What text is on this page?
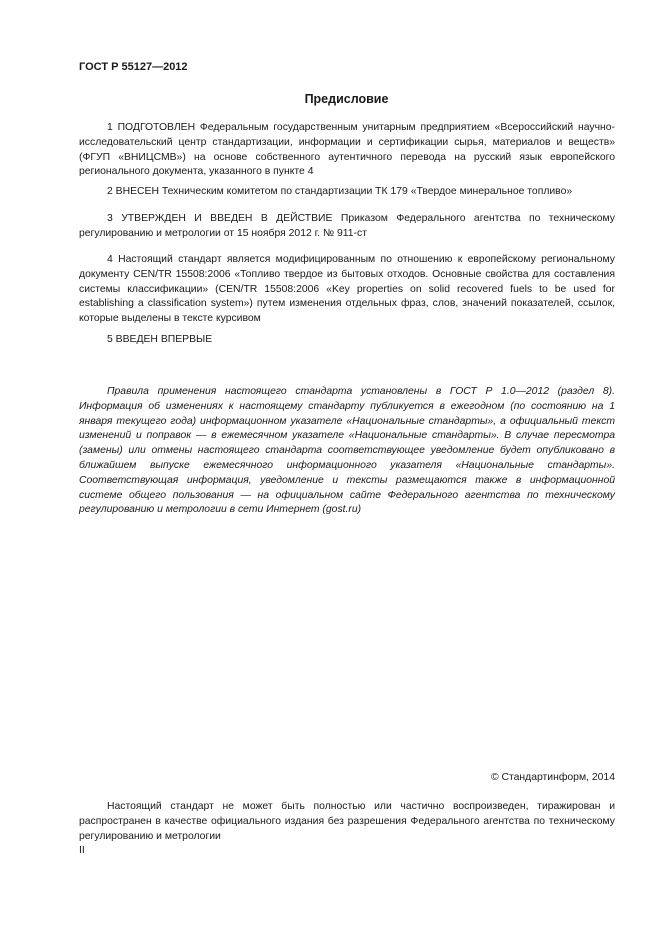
ГОСТ Р 55127—2012
Предисловие

1 ПОДГОТОВЛЕН Федеральным государственным унитарным предприятием «Всероссийский научно-исследовательский центр стандартизации, информации и сертификации сырья, материалов и веществ» (ФГУП «ВНИЦСМВ») на основе собственного аутентичного перевода на русский язык европейского регионального документа, указанного в пункте 4

2 ВНЕСЕН Техническим комитетом по стандартизации ТК 179 «Твердое минеральное топливо»

3 УТВЕРЖДЕН И ВВЕДЕН В ДЕЙСТВИЕ Приказом Федерального агентства по техническому регулированию и метрологии от 15 ноября 2012 г. № 911-ст

4 Настоящий стандарт является модифицированным по отношению к европейскому региональному документу CEN/TR 15508:2006 «Топливо твердое из бытовых отходов. Основные свойства для составления системы классификации» (CEN/TR 15508:2006 «Key properties on solid recovered fuels to be used for establishing a classification system») путем изменения отдельных фраз, слов, значений показателей, ссылок, которые выделены в тексте курсивом

5 ВВЕДЕН ВПЕРВЫЕ

Правила применения настоящего стандарта установлены в ГОСТ Р 1.0—2012 (раздел 8). Информация об изменениях к настоящему стандарту публикуется в ежегодном (по состоянию на 1 января текущего года) информационном указателе «Национальные стандарты», а официальный текст изменений и поправок — в ежемесячном указателе «Национальные стандарты». В случае пересмотра (замены) или отмены настоящего стандарта соответствующее уведомление будет опубликовано в ближайшем выпуске ежемесячного информационного указателя «Национальные стандарты». Соответствующая информация, уведомление и тексты размещаются также в информационной системе общего пользования — на официальном сайте Федерального агентства по техническому регулированию и метрологии в сети Интернет (gost.ru)

© Стандартинформ, 2014

Настоящий стандарт не может быть полностью или частично воспроизведен, тиражирован и распространен в качестве официального издания без разрешения Федерального агентства по техническому регулированию и метрологии

II
